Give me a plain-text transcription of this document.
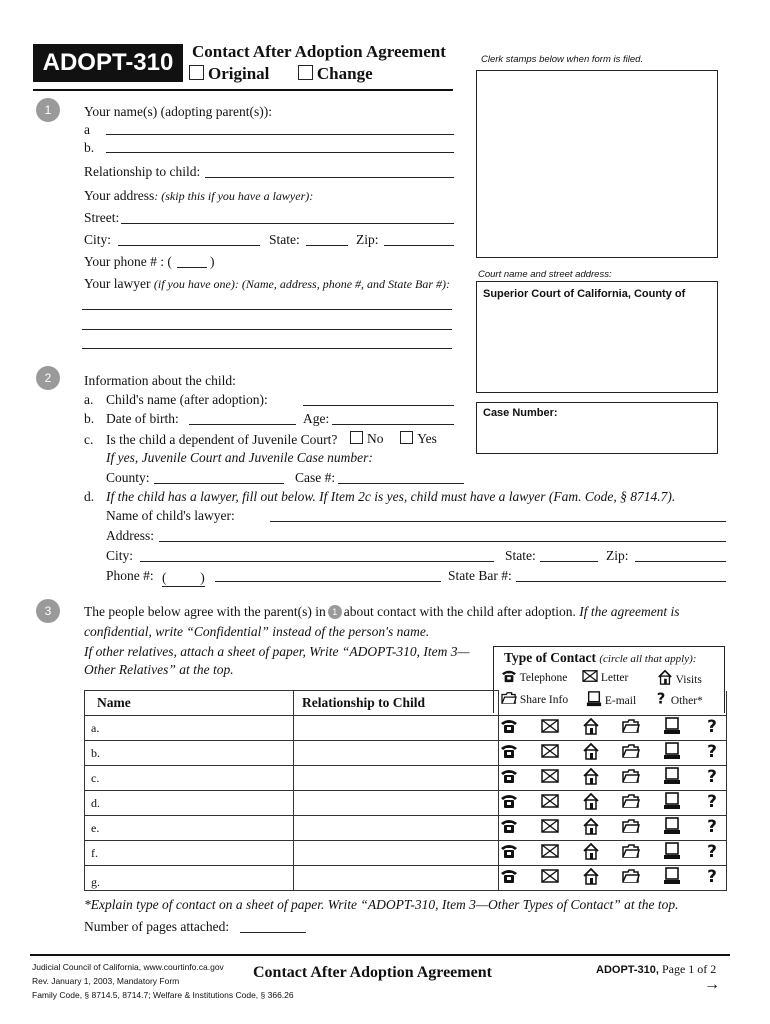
ADOPT-310	Contact After Adoption Agreement
Original	Change
Clerk stamps below when form is filed.
Court name and street address:
Superior Court of California, County of
Case Number:
1	Your name(s) (adopting parent(s)):
a
b.
Relationship to child:
Your address: (skip this if you have a lawyer):
Street:
City:	State:	Zip:
Your phone # : (	)
Your lawyer (if you have one): (Name, address, phone #, and State Bar #):
2	Information about the child:
a. Child's name (after adoption):
b. Date of birth:	Age:
c. Is the child a dependent of Juvenile Court?	No	Yes
If yes, Juvenile Court and Juvenile Case number:
County:	Case #:
d. If the child has a lawyer, fill out below. If Item 2c is yes, child must have a lawyer (Fam. Code, § 8714.7).
Name of child's lawyer:
Address:
City:	State:	Zip:
Phone #: (          )	State Bar #:
3	The people below agree with the parent(s) in 1 about contact with the child after adoption. If the agreement is
confidential, write “Confidential” instead of the person's name.
If other relatives, attach a sheet of paper, Write “ADOPT-310, Item 3—
Other Relatives” at the top.
Type of Contact (circle all that apply):
Telephone	Letter	Visits
Share Info	E-mail	Other*
Name	Relationship to Child	
a.		
b.		
c.		
d.		
e.		
f.		
g.		
*Explain type of contact on a sheet of paper. Write “ADOPT-310, Item 3—Other Types of Contact” at the top.
Number of pages attached:
Judicial Council of California, www.courtinfo.ca.gov
Rev. January 1, 2003, Mandatory Form
Family Code, § 8714.5, 8714.7; Welfare & Institutions Code, § 366.26
Contact After Adoption Agreement	ADOPT-310, Page 1 of 2
→
